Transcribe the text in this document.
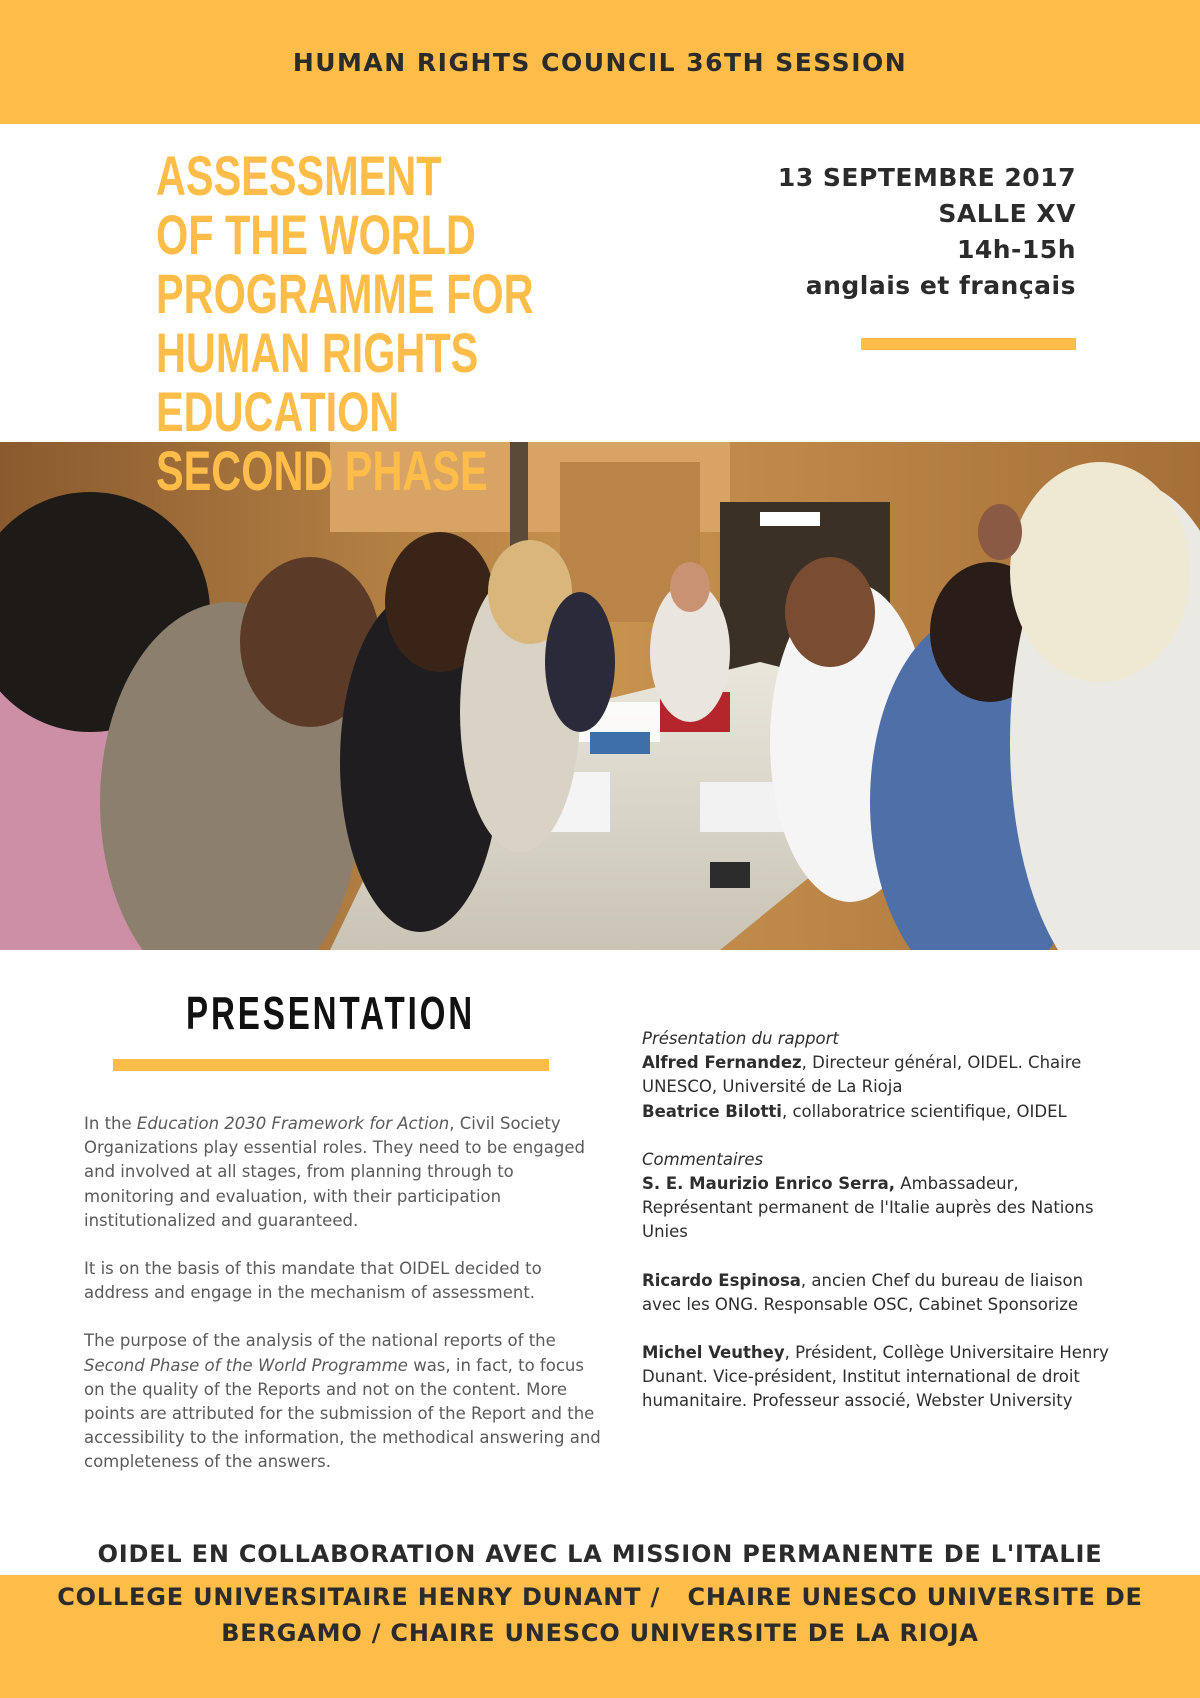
HUMAN RIGHTS COUNCIL 36TH SESSION
ASSESSMENT
OF THE WORLD
PROGRAMME FOR
HUMAN RIGHTS
EDUCATION
SECOND PHASE
13 SEPTEMBRE 2017
SALLE XV
14h-15h
anglais et français
PRESENTATION

In the Education 2030 Framework for Action, Civil Society Organizations play essential roles. They need to be engaged and involved at all stages, from planning through to monitoring and evaluation, with their participation institutionalized and guaranteed.

It is on the basis of this mandate that OIDEL decided to address and engage in the mechanism of assessment.

The purpose of the analysis of the national reports of the Second Phase of the World Programme was, in fact, to focus on the quality of the Reports and not on the content. More points are attributed for the submission of the Report and the accessibility to the information, the methodical answering and completeness of the answers.

Présentation du rapport
Alfred Fernandez, Directeur général, OIDEL. Chaire UNESCO, Université de La Rioja
Beatrice Bilotti, collaboratrice scientifique, OIDEL

Commentaires
S. E. Maurizio Enrico Serra, Ambassadeur, Représentant permanent de l'Italie auprès des Nations Unies

Ricardo Espinosa, ancien Chef du bureau de liaison avec les ONG. Responsable OSC, Cabinet Sponsorize

Michel Veuthey, Président, Collège Universitaire Henry Dunant. Vice-président, Institut international de droit humanitaire. Professeur associé, Webster University

OIDEL EN COLLABORATION AVEC LA MISSION PERMANENTE DE L'ITALIE
COLLEGE UNIVERSITAIRE HENRY DUNANT /   CHAIRE UNESCO UNIVERSITE DE
BERGAMO / CHAIRE UNESCO UNIVERSITE DE LA RIOJA
